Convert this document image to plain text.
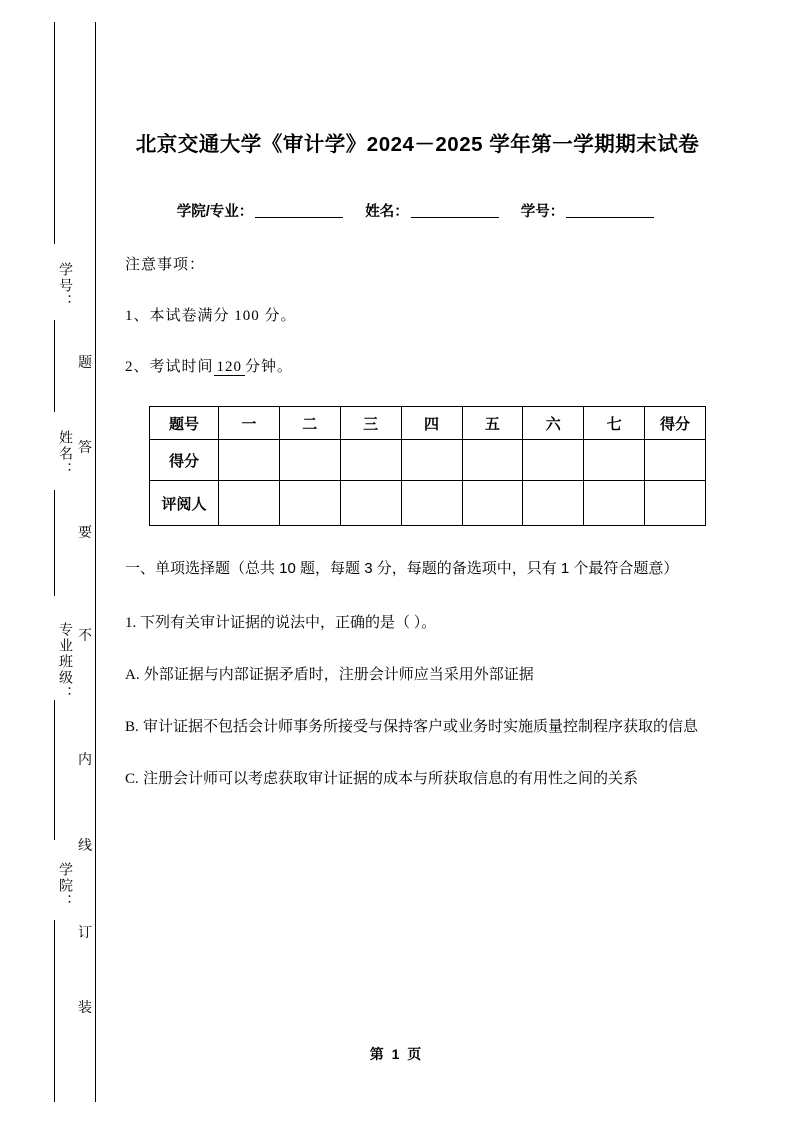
学号：
姓名：
专业班级：
学院：
题
答
要
不
内
线
订
装
北京交通大学《审计学》2024－2025 学年第一学期期末试卷
学院/专业：	姓名：	学号：
注意事项：
1、本试卷满分 100 分。
2、考试时间 120 分钟。
题号	一	二	三	四	五	六	七	得分
得分								
评阅人								
一、单项选择题（总共 10 题，每题 3 分，每题的备选项中，只有 1 个最符合题意）
1. 下列有关审计证据的说法中，正确的是（ ）。
A. 外部证据与内部证据矛盾时，注册会计师应当采用外部证据
B. 审计证据不包括会计师事务所接受与保持客户或业务时实施质量控制程序获取的信息
C. 注册会计师可以考虑获取审计证据的成本与所获取信息的有用性之间的关系
第 1 页
